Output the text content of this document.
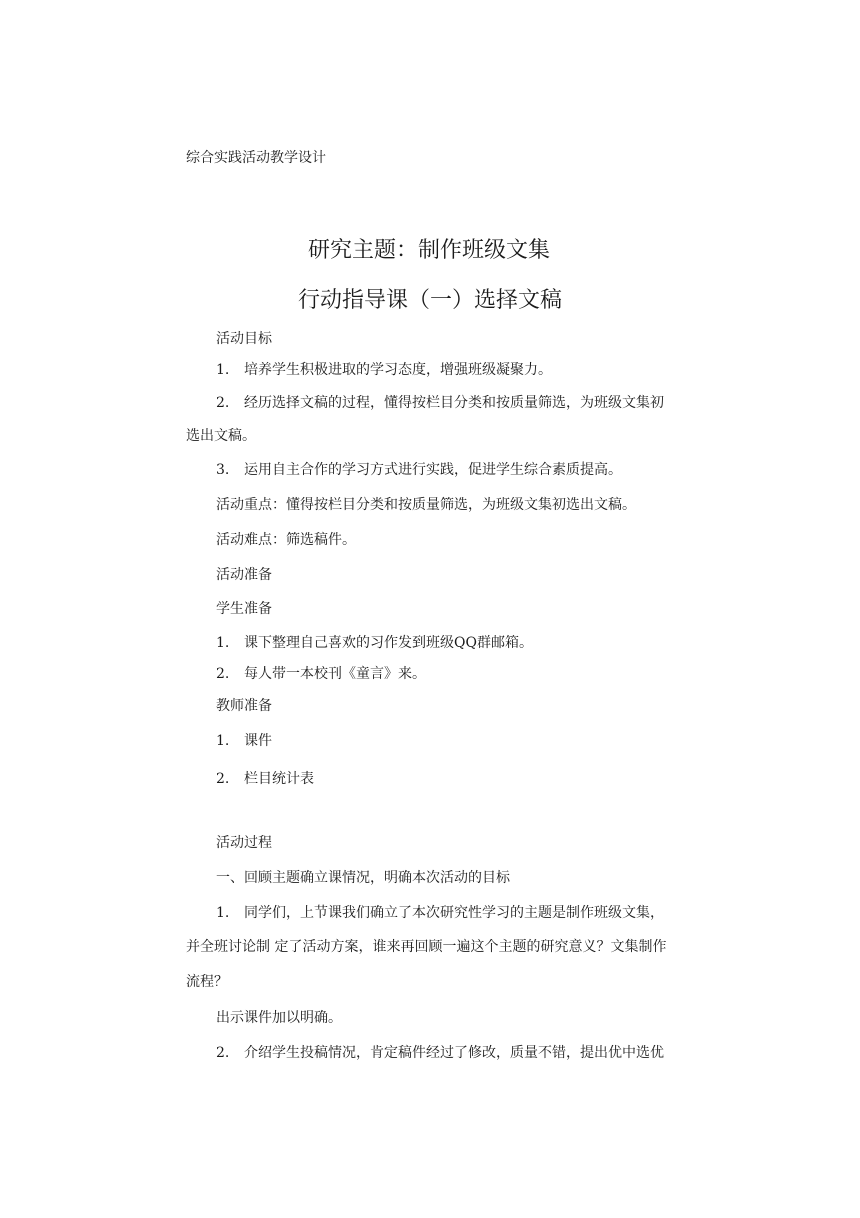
综合实践活动教学设计
研究主题：制作班级文集
行动指导课（一）选择文稿
活动目标
1. 培养学生积极进取的学习态度，增强班级凝聚力。
2. 经历选择文稿的过程，懂得按栏目分类和按质量筛选，为班级文集初
选出文稿。
3. 运用自主合作的学习方式进行实践，促进学生综合素质提高。
活动重点：懂得按栏目分类和按质量筛选，为班级文集初选出文稿。
活动难点：筛选稿件。
活动准备
学生准备
1. 课下整理自己喜欢的习作发到班级QQ群邮箱。
2. 每人带一本校刊《童言》来。
教师准备
1. 课件
2. 栏目统计表
活动过程
一、回顾主题确立课情况，明确本次活动的目标
1. 同学们，上节课我们确立了本次研究性学习的主题是制作班级文集，
并全班讨论制 定了活动方案，谁来再回顾一遍这个主题的研究意义？文集制作
流程？
出示课件加以明确。
2. 介绍学生投稿情况，肯定稿件经过了修改，质量不错，提出优中选优
